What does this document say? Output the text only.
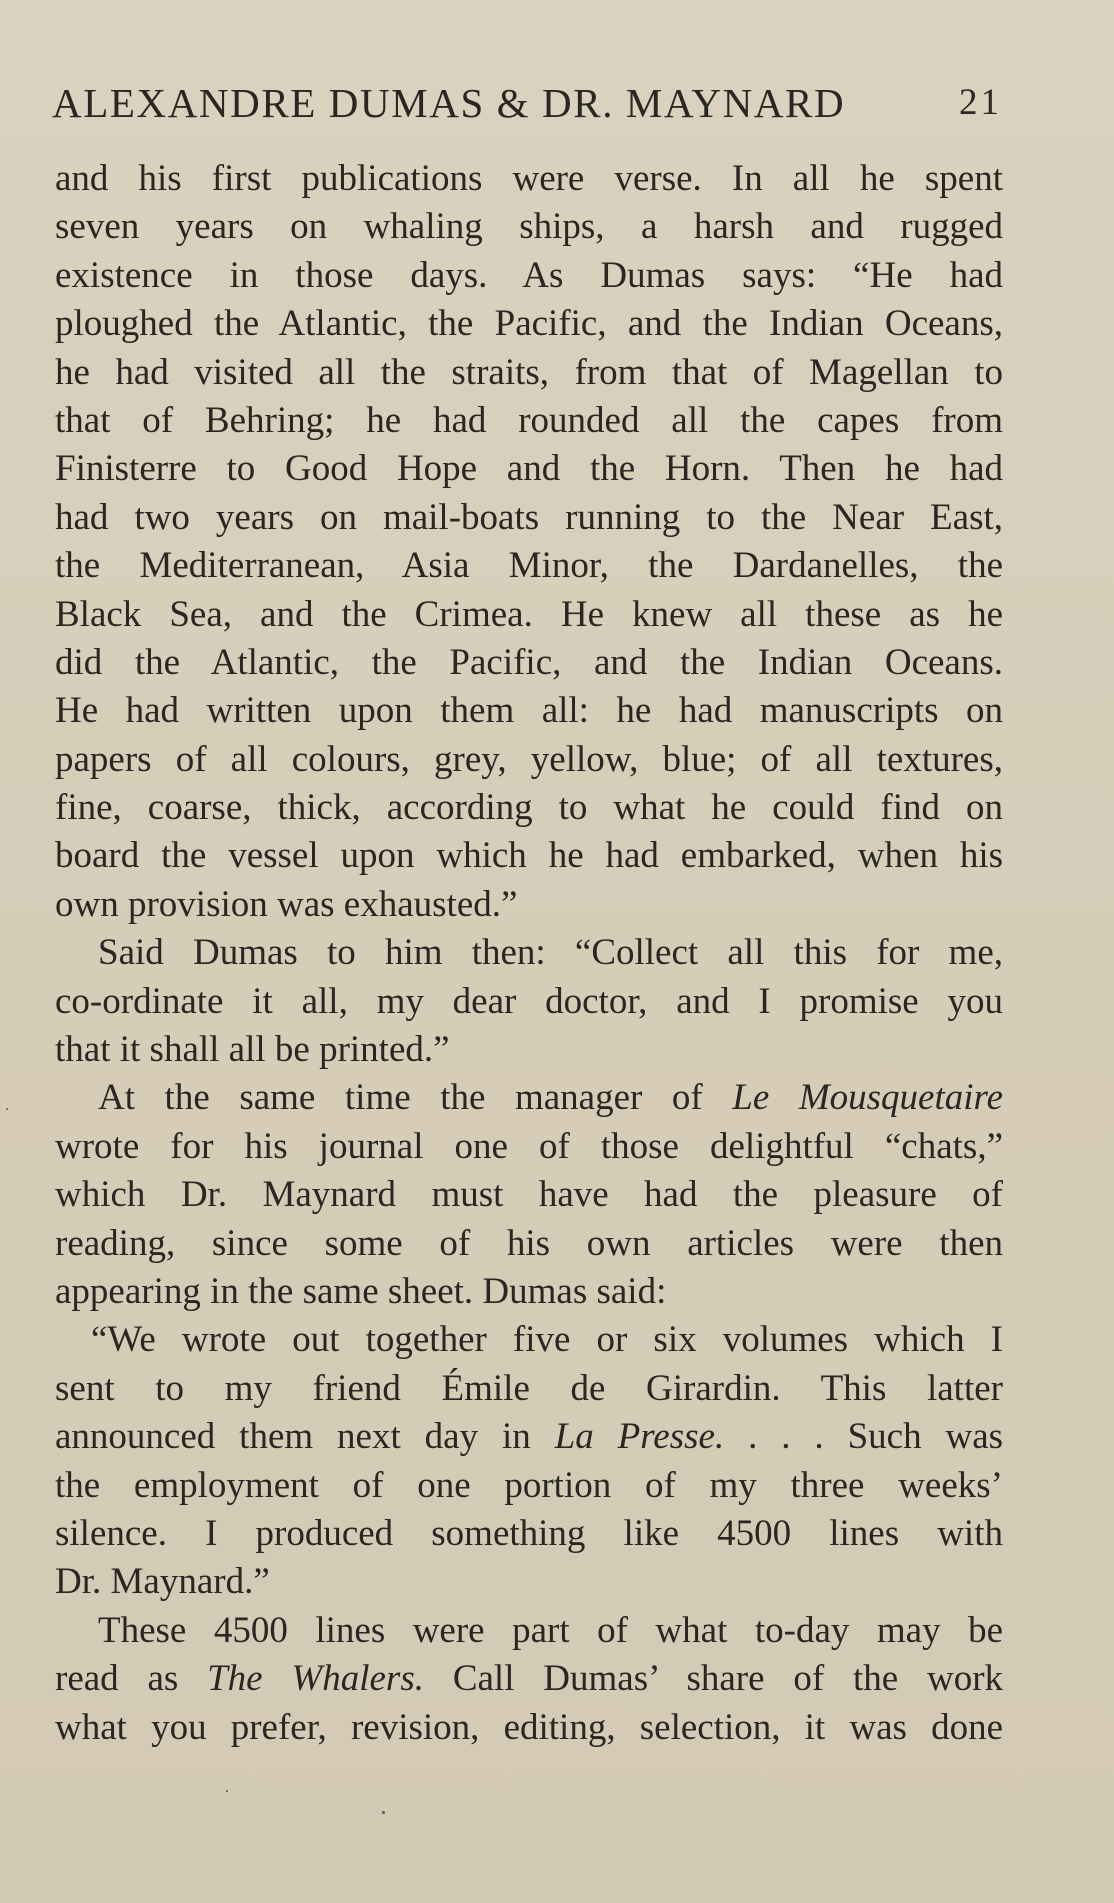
ALEXANDRE DUMAS & DR. MAYNARD	21
and his first publications were verse. In all he spent
seven years on whaling ships, a harsh and rugged
existence in those days. As Dumas says: “He had
ploughed the Atlantic, the Pacific, and the Indian Oceans,
he had visited all the straits, from that of Magellan to
that of Behring; he had rounded all the capes from
Finisterre to Good Hope and the Horn. Then he had
had two years on mail-boats running to the Near East,
the Mediterranean, Asia Minor, the Dardanelles, the
Black Sea, and the Crimea. He knew all these as he
did the Atlantic, the Pacific, and the Indian Oceans.
He had written upon them all: he had manuscripts on
papers of all colours, grey, yellow, blue; of all textures,
fine, coarse, thick, according to what he could find on
board the vessel upon which he had embarked, when his
own provision was exhausted.”
Said Dumas to him then: “Collect all this for me,
co-ordinate it all, my dear doctor, and I promise you
that it shall all be printed.”
At the same time the manager of Le Mousquetaire
wrote for his journal one of those delightful “chats,”
which Dr. Maynard must have had the pleasure of
reading, since some of his own articles were then
appearing in the same sheet. Dumas said:
“We wrote out together five or six volumes which I
sent to my friend Émile de Girardin. This latter
announced them next day in La Presse. . . . Such was
the employment of one portion of my three weeks’
silence. I produced something like 4500 lines with
Dr. Maynard.”
These 4500 lines were part of what to-day may be
read as The Whalers. Call Dumas’ share of the work
what you prefer, revision, editing, selection, it was done
